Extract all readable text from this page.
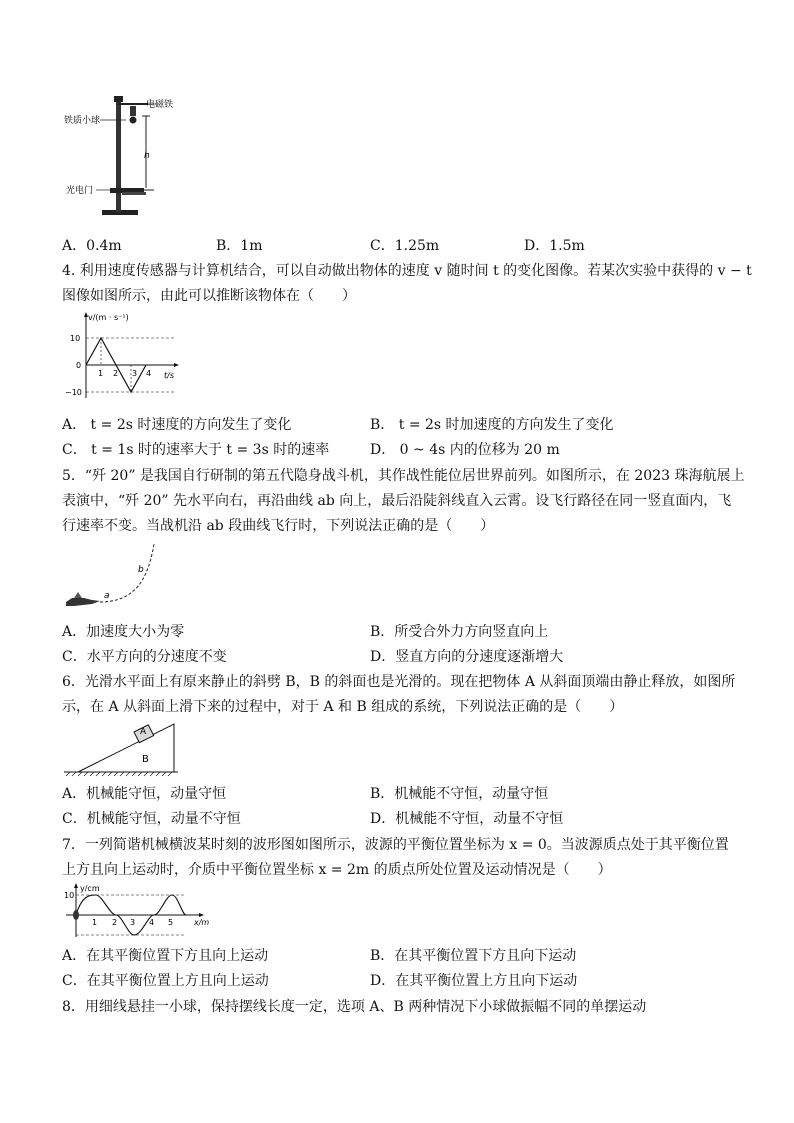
铁质小球
电磁铁
h
光电门
A．0.4m	B．1m	C．1.25m	D．1.5m
4. 利用速度传感器与计算机结合，可以自动做出物体的速度 v 随时间 t 的变化图像。若某次实验中获得的 v − t
图像如图所示，由此可以推断该物体在（　　）
v/(m · s⁻¹)
t/s
10
0
−10
1 2 3 4
A． t = 2s 时速度的方向发生了变化	B． t = 2s 时加速度的方向发生了变化
C． t = 1s 时的速率大于 t = 3s 时的速率	D． 0 ~ 4s 内的位移为 20 m
5．“歼 20” 是我国自行研制的第五代隐身战斗机，其作战性能位居世界前列。如图所示，在 2023 珠海航展上
表演中，“歼 20” 先水平向右，再沿曲线 ab 向上，最后沿陡斜线直入云霄。设飞行路径在同一竖直面内，飞
行速率不变。当战机沿 ab 段曲线飞行时，下列说法正确的是（　　）
a
b
A．加速度大小为零	B．所受合外力方向竖直向上
C．水平方向的分速度不变	D．竖直方向的分速度逐渐增大
6．光滑水平面上有原来静止的斜劈 B，B 的斜面也是光滑的。现在把物体 A 从斜面顶端由静止释放，如图所
示，在 A 从斜面上滑下来的过程中，对于 A 和 B 组成的系统，下列说法正确的是（　　）
A
B
A．机械能守恒，动量守恒	B．机械能不守恒，动量守恒
C．机械能守恒，动量不守恒	D．机械能不守恒，动量不守恒
7．一列简谐机械横波某时刻的波形图如图所示，波源的平衡位置坐标为 x = 0。当波源质点处于其平衡位置
上方且向上运动时，介质中平衡位置坐标 x = 2m 的质点所处位置及运动情况是（　　）
y/cm
x/m
10
1 2 3 4 5
A．在其平衡位置下方且向上运动	B．在其平衡位置下方且向下运动
C．在其平衡位置上方且向上运动	D．在其平衡位置上方且向下运动
8．用细线悬挂一小球，保持摆线长度一定，选项 A、B 两种情况下小球做振幅不同的单摆运动
